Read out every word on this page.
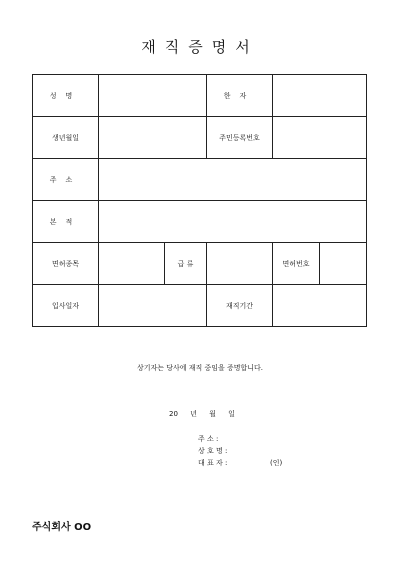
재직증명서
성명			한자		
생년월일			주민등록번호		
주소					
본적					
면허종목		급 류		면허번호	
입사일자			재직기간		
상기자는 당사에 재직 중임을 증명합니다.
20 년 월 일
주 소 :
상 호 명 :
대 표 자 :	(인)
주식회사 OO
